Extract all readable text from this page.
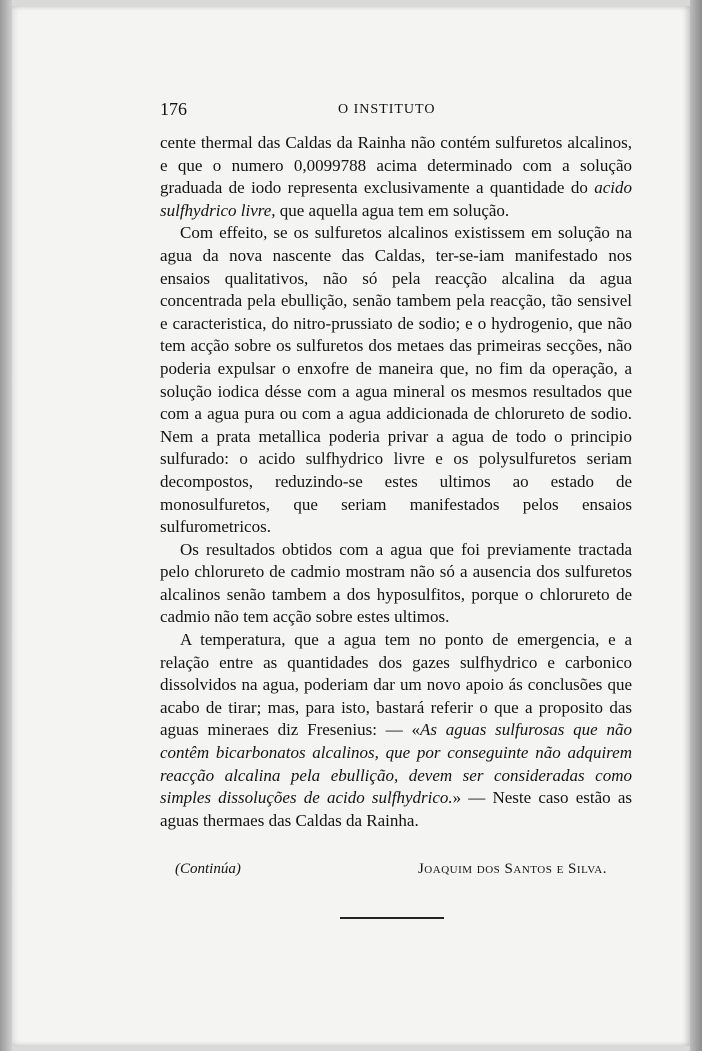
176	O INSTITUTO

cente thermal das Caldas da Rainha não contém sulfuretos alcalinos, e que o numero 0,0099788 acima determinado com a solução graduada de iodo representa exclusivamente a quantidade do acido sulfhydrico livre, que aquella agua tem em solução.

Com effeito, se os sulfuretos alcalinos existissem em solução na agua da nova nascente das Caldas, ter-se-iam manifestado nos ensaios qualitativos, não só pela reacção alcalina da agua concentrada pela ebullição, senão tambem pela reacção, tão sensivel e caracteristica, do nitro-prussiato de sodio; e o hydrogenio, que não tem acção sobre os sulfuretos dos metaes das primeiras secções, não poderia expulsar o enxofre de maneira que, no fim da operação, a solução iodica désse com a agua mineral os mesmos resultados que com a agua pura ou com a agua addicionada de chlorureto de sodio. Nem a prata metallica poderia privar a agua de todo o principio sulfurado: o acido sulfhydrico livre e os polysulfuretos seriam decompostos, reduzindo-se estes ultimos ao estado de monosulfuretos, que seriam manifestados pelos ensaios sulfurometricos.

Os resultados obtidos com a agua que foi previamente tractada pelo chlorureto de cadmio mostram não só a ausencia dos sulfuretos alcalinos senão tambem a dos hyposulfitos, porque o chlorureto de cadmio não tem acção sobre estes ultimos.

A temperatura, que a agua tem no ponto de emergencia, e a relação entre as quantidades dos gazes sulfhydrico e carbonico dissolvidos na agua, poderiam dar um novo apoio ás conclusões que acabo de tirar; mas, para isto, bastará referir o que a proposito das aguas mineraes diz Fresenius: — «As aguas sulfurosas que não contêm bicarbonatos alcalinos, que por conseguinte não adquirem reacção alcalina pela ebullição, devem ser consideradas como simples dissoluções de acido sulfhydrico.» — Neste caso estão as aguas thermaes das Caldas da Rainha.

(Continúa)	Joaquim dos Santos e Silva.
